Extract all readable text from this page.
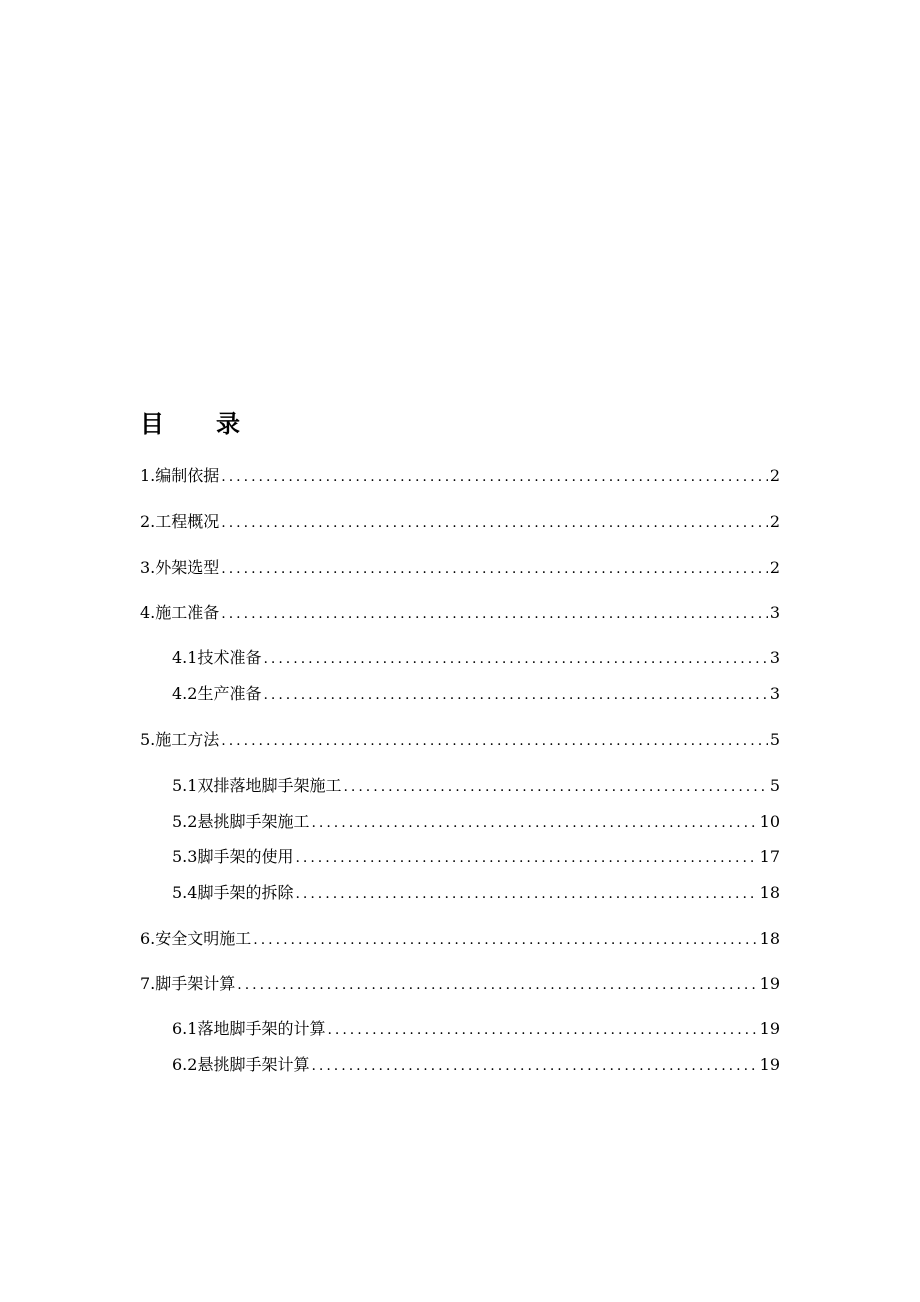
目 录
1.编制依据 .....	2
2.工程概况 .....	2
3.外架选型 .....	2
4.施工准备 .....	3
4.1技术准备 .....	3
4.2生产准备 .....	3
5.施工方法 .....	5
5.1双排落地脚手架施工 .....	5
5.2悬挑脚手架施工 .....	10
5.3脚手架的使用 .....	17
5.4脚手架的拆除 .....	18
6.安全文明施工 .....	18
7.脚手架计算 .....	19
6.1落地脚手架的计算 .....	19
6.2悬挑脚手架计算 .....	19
